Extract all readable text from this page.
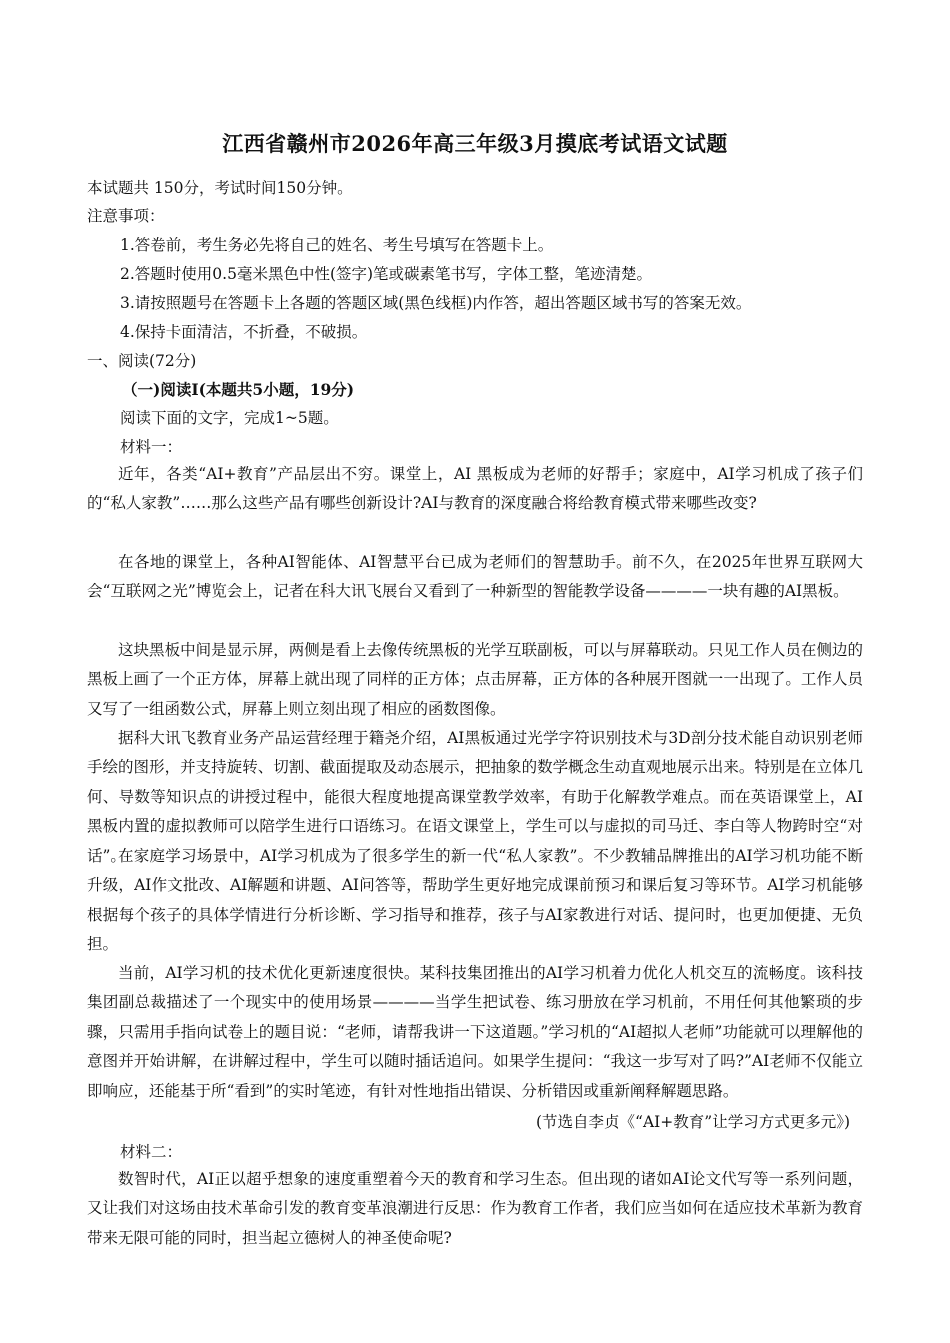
江西省赣州市2026年高三年级3月摸底考试语文试题
本试题共 150分，考试时间150分钟。
注意事项：
1.答卷前，考生务必先将自己的姓名、考生号填写在答题卡上。
2.答题时使用0.5毫米黑色中性(签字)笔或碳素笔书写，字体工整，笔迹清楚。
3.请按照题号在答题卡上各题的答题区域(黑色线框)内作答，超出答题区域书写的答案无效。
4.保持卡面清洁，不折叠，不破损。
一、阅读(72分)
（一)阅读Ⅰ(本题共5小题，19分)
阅读下面的文字，完成1~5题。
材料一：
近年，各类“AI+教育”产品层出不穷。课堂上，AI 黑板成为老师的好帮手；家庭中，AI学习机成了孩子们的“私人家教”……那么这些产品有哪些创新设计?AI与教育的深度融合将给教育模式带来哪些改变?
在各地的课堂上，各种AI智能体、AI智慧平台已成为老师们的智慧助手。前不久，在2025年世界互联网大会“互联网之光”博览会上，记者在科大讯飞展台又看到了一种新型的智能教学设备————一块有趣的AI黑板。
这块黑板中间是显示屏，两侧是看上去像传统黑板的光学互联副板，可以与屏幕联动。只见工作人员在侧边的黑板上画了一个正方体，屏幕上就出现了同样的正方体；点击屏幕，正方体的各种展开图就一一出现了。工作人员又写了一组函数公式，屏幕上则立刻出现了相应的函数图像。
据科大讯飞教育业务产品运营经理于籍尧介绍，AI黑板通过光学字符识别技术与3D剖分技术能自动识别老师手绘的图形，并支持旋转、切割、截面提取及动态展示，把抽象的数学概念生动直观地展示出来。特别是在立体几何、导数等知识点的讲授过程中，能很大程度地提高课堂教学效率，有助于化解教学难点。而在英语课堂上，AI黑板内置的虚拟教师可以陪学生进行口语练习。在语文课堂上，学生可以与虚拟的司马迁、李白等人物跨时空“对话”。
在家庭学习场景中，AI学习机成为了很多学生的新一代“私人家教”。不少教辅品牌推出的AI学习机功能不断升级，AI作文批改、AI解题和讲题、AI问答等，帮助学生更好地完成课前预习和课后复习等环节。AI学习机能够根据每个孩子的具体学情进行分析诊断、学习指导和推荐，孩子与AI家教进行对话、提问时，也更加便捷、无负担。
当前，AI学习机的技术优化更新速度很快。某科技集团推出的AI学习机着力优化人机交互的流畅度。该科技集团副总裁描述了一个现实中的使用场景————当学生把试卷、练习册放在学习机前，不用任何其他繁琐的步骤，只需用手指向试卷上的题目说：“老师，请帮我讲一下这道题。”学习机的“AI超拟人老师”功能就可以理解他的意图并开始讲解，在讲解过程中，学生可以随时插话追问。如果学生提问：“我这一步写对了吗?”AI老师不仅能立即响应，还能基于所“看到”的实时笔迹，有针对性地指出错误、分析错因或重新阐释解题思路。
(节选自李贞《“AI+教育”让学习方式更多元》)
材料二：
数智时代，AI正以超乎想象的速度重塑着今天的教育和学习生态。但出现的诸如AI论文代写等一系列问题，又让我们对这场由技术革命引发的教育变革浪潮进行反思：作为教育工作者，我们应当如何在适应技术革新为教育带来无限可能的同时，担当起立德树人的神圣使命呢?
